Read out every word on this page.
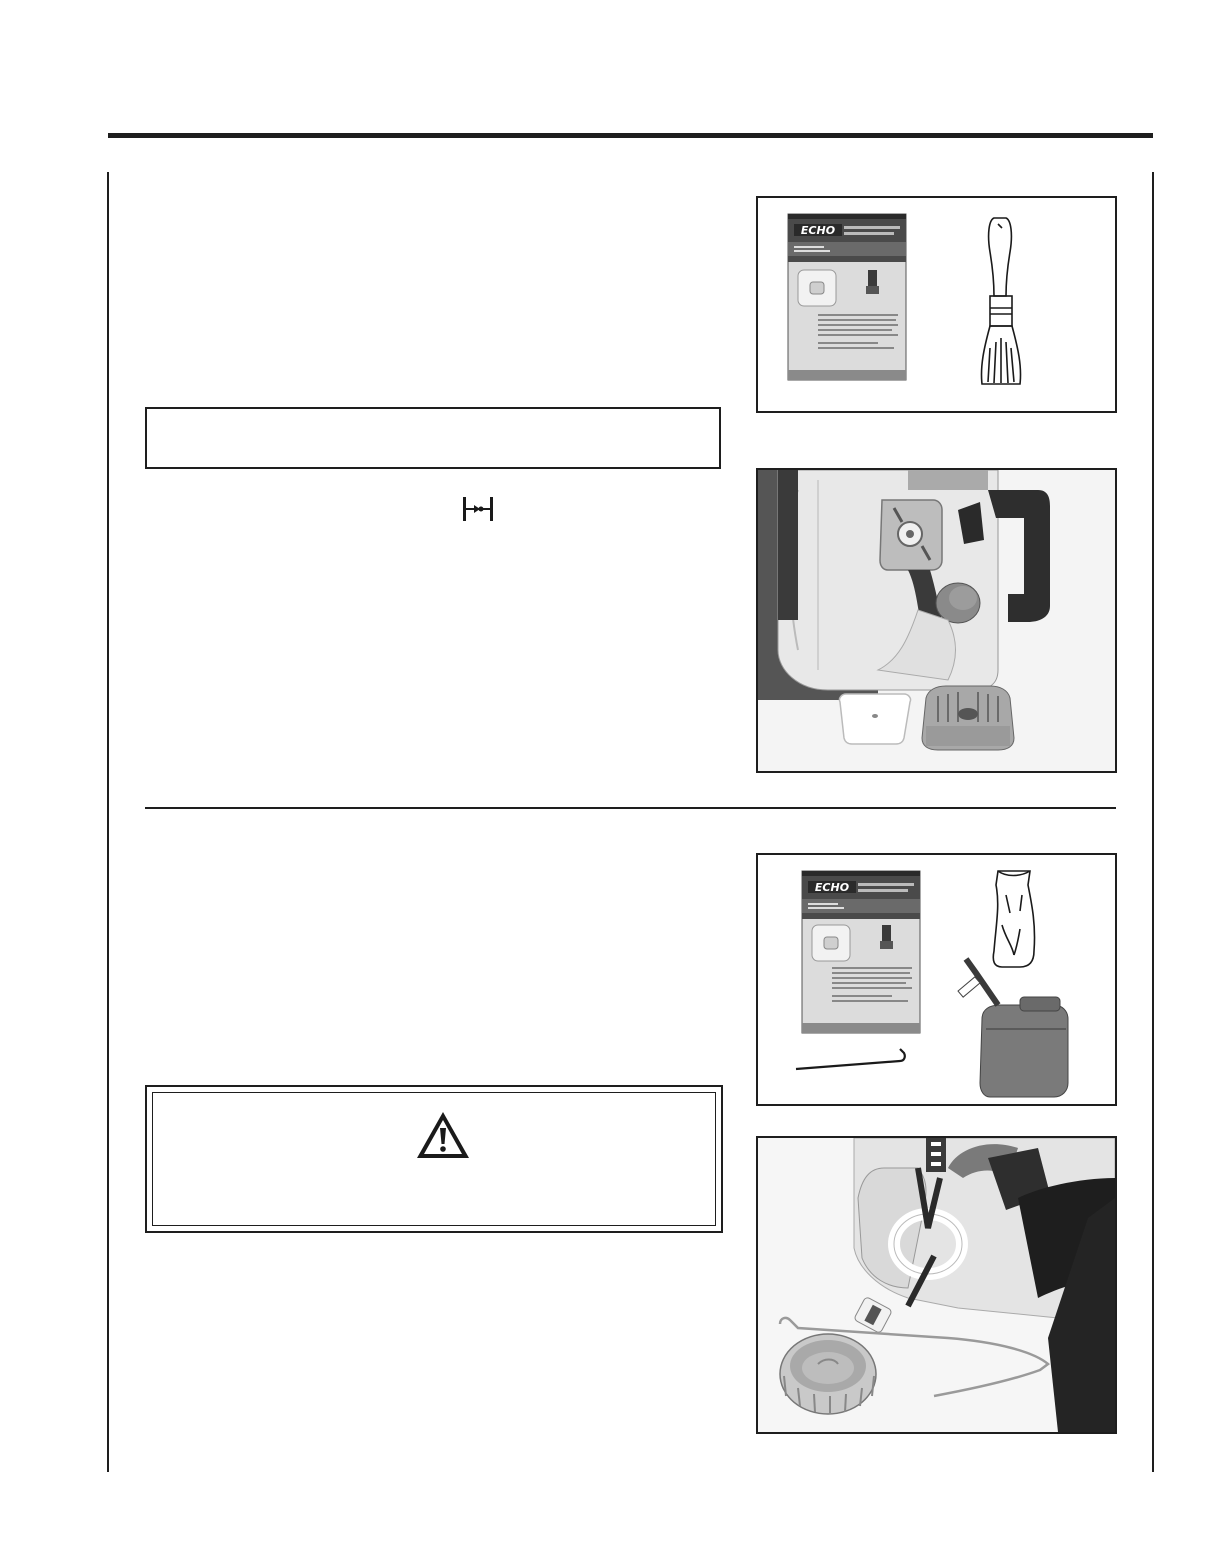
ECHO
ECHO
